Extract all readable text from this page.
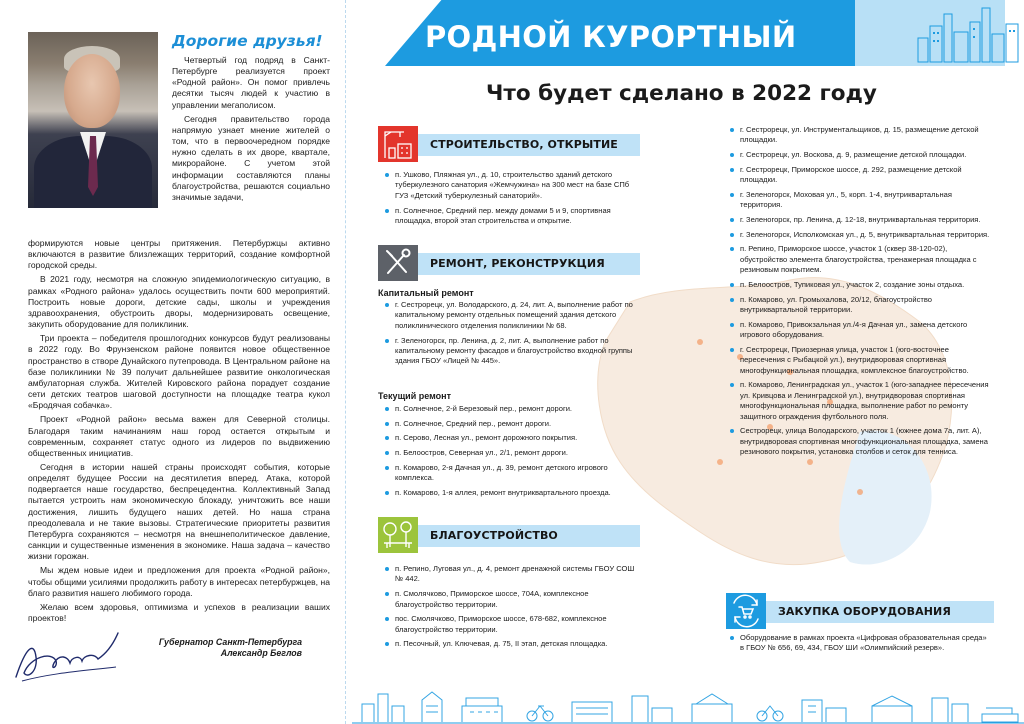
Дорогие друзья!

Четвертый год подряд в Санкт-Петербурге реализуется проект «Родной район». Он помог привлечь десятки тысяч людей к участию в управлении мегаполисом.

Сегодня правительство города напрямую узнает мнение жителей о том, что в первоочередном порядке нужно сделать в их дворе, квартале, микрорайоне. С учетом этой информации составляются планы благоустройства, решаются социально значимые задачи,

формируются новые центры притяжения. Петербуржцы активно включаются в развитие близлежащих территорий, создание комфортной городской среды.

В 2021 году, несмотря на сложную эпидемиологическую ситуацию, в рамках «Родного района» удалось осуществить почти 600 мероприятий. Построить новые дороги, детские сады, школы и учреждения здравоохранения, обустроить дворы, модернизировать освещение, закупить оборудование для поликлиник.

Три проекта – победителя прошлогодних конкурсов будут реализованы в 2022 году. Во Фрунзенском районе появится новое общественное пространство в створе Дунайского путепровода. В Центральном районе на базе поликлиники № 39 получит дальнейшее развитие онкологическая амбулаторная служба. Жителей Кировского района порадует создание сети детских театров шаговой доступности на площадке театра кукол «Бродячая собачка».

Проект «Родной район» весьма важен для Северной столицы. Благодаря таким начинаниям наш город остается открытым и современным, сохраняет статус одного из лидеров по выдвижению общественных инициатив.

Сегодня в истории нашей страны происходят события, которые определят будущее России на десятилетия вперед. Атака, которой подвергается наше государство, беспрецедентна. Коллективный Запад пытается устроить нам экономическую блокаду, уничтожить все наши достижения, лишить будущего наших детей. Но наша страна преодолевала и не такие вызовы. Стратегические приоритеты развития Петербурга сохраняются – несмотря на внешнеполитическое давление, санкции и существенные изменения в экономике. Наша задача – качество жизни горожан.

Мы ждем новые идеи и предложения для проекта «Родной район», чтобы общими усилиями продолжить работу в интересах петербуржцев, на благо развития нашего любимого города.

Желаю всем здоровья, оптимизма и успехов в реализации ваших проектов!

Губернатор Санкт-Петербурга
Александр Беглов
РОДНОЙ КУРОРТНЫЙ
Что будет сделано в 2022 году
СТРОИТЕЛЬСТВО, ОТКРЫТИЕ
п. Ушково, Пляжная ул., д. 10, строительство зданий детского туберкулезного санатория «Жемчужина» на 300 мест на базе СПб ГУЗ «Детский туберкулезный санаторий».
п. Солнечное, Средний пер. между домами 5 и 9, спортивная площадка, второй этап строительства и открытие.
РЕМОНТ, РЕКОНСТРУКЦИЯ
Капитальный ремонт
г. Сестрорецк, ул. Володарского, д. 24, лит. А, выполнение работ по капитальному ремонту отдельных помещений здания детского поликлинического отделения поликлиники № 68.
г. Зеленогорск, пр. Ленина, д. 2, лит. А, выполнение работ по капитальному ремонту фасадов и благоустройство входной группы здания ГБОУ «Лицей № 445».
Текущий ремонт
п. Солнечное, 2-й Березовый пер., ремонт дороги.
п. Солнечное, Средний пер., ремонт дороги.
п. Серово, Лесная ул., ремонт дорожного покрытия.
п. Белоостров, Северная ул., 2/1, ремонт дороги.
п. Комарово, 2-я Дачная ул., д. 39, ремонт детского игрового комплекса.
п. Комарово, 1-я аллея, ремонт внутриквартального проезда.
БЛАГОУСТРОЙСТВО
п. Репино, Луговая ул., д. 4, ремонт дренажной системы ГБОУ СОШ № 442.
п. Смолячково, Приморское шоссе, 704А, комплексное благоустройство территории.
пос. Смолячково, Приморское шоссе, 678-682, комплексное благоустройство территории.
п. Песочный, ул. Ключевая, д. 75, II этап, детская площадка.
г. Сестрорецк, ул. Инструментальщиков, д. 15, размещение детской площадки.
г. Сестрорецк, ул. Воскова, д. 9, размещение детской площадки.
г. Сестрорецк, Приморское шоссе, д. 292, размещение детской площадки.
г. Зеленогорск, Моховая ул., 5, корп. 1-4, внутриквартальная территория.
г. Зеленогорск, пр. Ленина, д. 12-18, внутриквартальная территория.
г. Зеленогорск, Исполкомская ул., д. 5, внутриквартальная территория.
п. Репино, Приморское шоссе, участок 1 (сквер 38-120-02), обустройство элемента благоустройства, тренажерная площадка с резиновым покрытием.
п. Белоостров, Тупиковая ул., участок 2, создание зоны отдыха.
п. Комарово, ул. Громыхалова, 20/12, благоустройство внутриквартальной территории.
п. Комарово, Привокзальная ул./4-я Дачная ул., замена детского игрового оборудования.
г. Сестрорецк, Приозерная улица, участок 1 (юго-восточнее пересечения с Рыбацкой ул.), внутридворовая спортивная многофункциональная площадка, комплексное благоустройство.
п. Комарово, Ленинградская ул., участок 1 (юго-западнее пересечения ул. Кривцова и Ленинградской ул.), внутридворовая спортивная многофункциональная площадка, выполнение работ по ремонту защитного ограждения футбольного поля.
Сестрорецк, улица Володарского, участок 1 (южнее дома 7а, лит. А), внутридворовая спортивная многофункциональная площадка, замена резинового покрытия, установка столбов и сеток для тенниса.
ЗАКУПКА ОБОРУДОВАНИЯ
Оборудование в рамках проекта «Цифровая образовательная среда» в ГБОУ № 656, 69, 434, ГБОУ ШИ «Олимпийский резерв».
